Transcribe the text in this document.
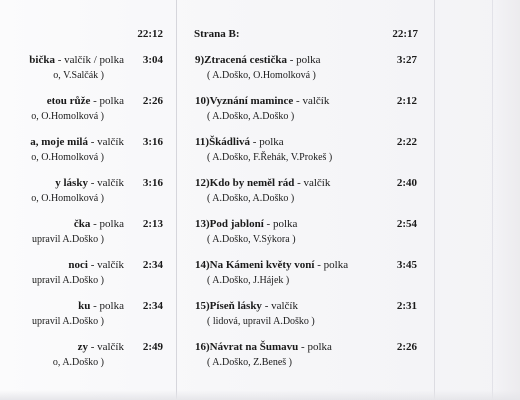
22:12
bička - valčík / polka 3:04
o, V.Salčák )
etou růže - polka 2:26
o, O.Homolková )
a, moje milá - valčík 3:16
o, O.Homolková )
y lásky - valčík 3:16
o, O.Homolková )
čka - polka 2:13
upravil A.Doško )
noci - valčík 2:34
upravil A.Doško )
ku - polka 2:34
upravil A.Doško )
zy - valčík 2:49
o, A.Doško )
Strana B:	22:17
9)Ztracená cestička - polka	3:27
( A.Doško, O.Homolková )
10)Vyznání mamince - valčík	2:12
( A.Doško, A.Doško )
11)Škádlivá - polka	2:22
( A.Doško, F.Řehák, V.Prokeš )
12)Kdo by neměl rád - valčík	2:40
( A.Doško, A.Doško )
13)Pod jabloní - polka	2:54
( A.Doško, V.Sýkora )
14)Na Kámeni květy voní - polka	3:45
( A.Doško, J.Hájek )
15)Píseň lásky - valčík	2:31
( lidová, upravil A.Doško )
16)Návrat na Šumavu - polka	2:26
( A.Doško, Z.Beneš )
